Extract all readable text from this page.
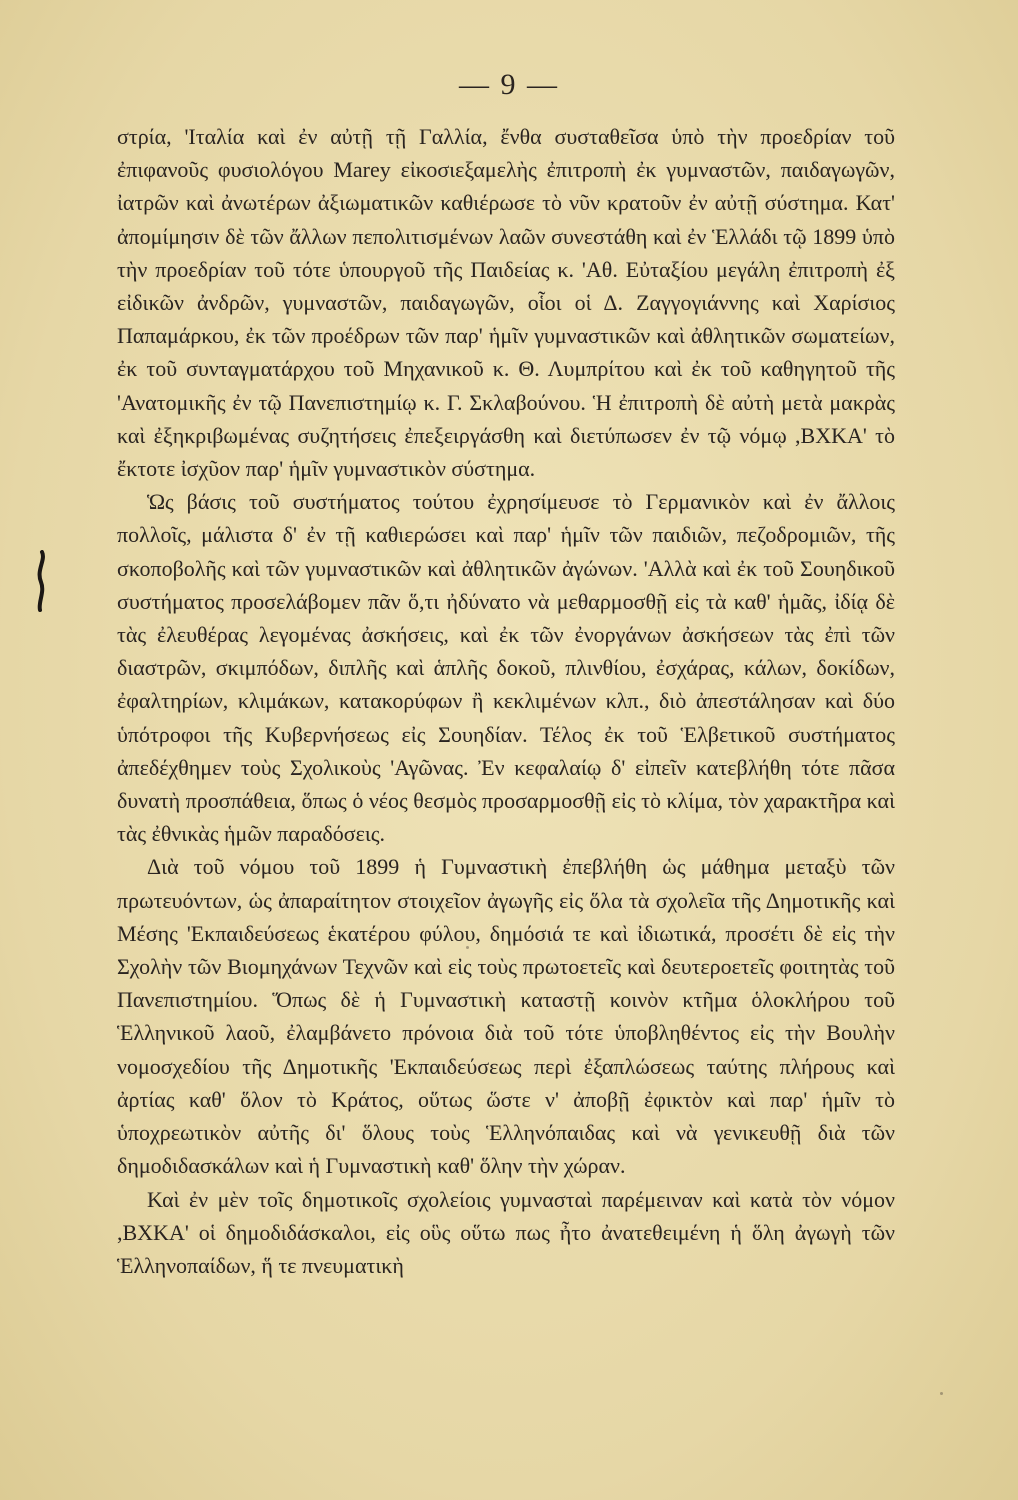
— 9 —

στρία, 'Ιταλία καὶ ἐν αὐτῇ τῇ Γαλλία, ἔνθα συσταθεῖσα ὑπὸ τὴν προεδρίαν τοῦ ἐπιφανοῦς φυσιολόγου Marey εἰκοσιεξαμελὴς ἐπιτροπὴ ἐκ γυμναστῶν, παιδαγωγῶν, ἰατρῶν καὶ ἀνωτέρων ἀξιωματικῶν καθιέρωσε τὸ νῦν κρατοῦν ἐν αὐτῇ σύστημα. Κατ' ἀπομίμησιν δὲ τῶν ἄλλων πεπολιτισμένων λαῶν συνεστάθη καὶ ἐν Ἑλλάδι τῷ 1899 ὑπὸ τὴν προεδρίαν τοῦ τότε ὑπουργοῦ τῆς Παιδείας κ. 'Αθ. Εὐταξίου μεγάλη ἐπιτροπὴ ἐξ εἰδικῶν ἀνδρῶν, γυμναστῶν, παιδαγωγῶν, οἷοι οἱ Δ. Ζαγγογιάννης καὶ Χαρίσιος Παπαμάρκου, ἐκ τῶν προέδρων τῶν παρ' ἡμῖν γυμναστικῶν καὶ ἀθλητικῶν σωματείων, ἐκ τοῦ συνταγματάρχου τοῦ Μηχανικοῦ κ. Θ. Λυμπρίτου καὶ ἐκ τοῦ καθηγητοῦ τῆς 'Ανατομικῆς ἐν τῷ Πανεπιστημίῳ κ. Γ. Σκλαβούνου. Ἡ ἐπιτροπὴ δὲ αὐτὴ μετὰ μακρὰς καὶ ἐξηκριβωμένας συζητήσεις ἐπεξειργάσθη καὶ διετύπωσεν ἐν τῷ νόμῳ ,ΒΧΚΑ' τὸ ἔκτοτε ἰσχῦον παρ' ἡμῖν γυμναστικὸν σύστημα.

Ὡς βάσις τοῦ συστήματος τούτου ἐχρησίμευσε τὸ Γερμανικὸν καὶ ἐν ἄλλοις πολλοῖς, μάλιστα δ' ἐν τῇ καθιερώσει καὶ παρ' ἡμῖν τῶν παιδιῶν, πεζοδρομιῶν, τῆς σκοποβολῆς καὶ τῶν γυμναστικῶν καὶ ἀθλητικῶν ἀγώνων. 'Αλλὰ καὶ ἐκ τοῦ Σουηδικοῦ συστήματος προσελάβομεν πᾶν ὅ,τι ἠδύνατο νὰ μεθαρμοσθῇ εἰς τὰ καθ' ἡμᾶς, ἰδίᾳ δὲ τὰς ἐλευθέρας λεγομένας ἀσκήσεις, καὶ ἐκ τῶν ἐνοργάνων ἀσκήσεων τὰς ἐπὶ τῶν διαστρῶν, σκιμπόδων, διπλῆς καὶ ἁπλῆς δοκοῦ, πλινθίου, ἐσχάρας, κάλων, δοκίδων, ἐφαλτηρίων, κλιμάκων, κατακορύφων ἢ κεκλιμένων κλπ., διὸ ἀπεστάλησαν καὶ δύο ὑπότροφοι τῆς Κυβερνήσεως εἰς Σουηδίαν. Τέλος ἐκ τοῦ Ἑλβετικοῦ συστήματος ἀπεδέχθημεν τοὺς Σχολικοὺς 'Αγῶνας. Ἐν κεφαλαίῳ δ' εἰπεῖν κατεβλήθη τότε πᾶσα δυνατὴ προσπάθεια, ὅπως ὁ νέος θεσμὸς προσαρμοσθῇ εἰς τὸ κλίμα, τὸν χαρακτῆρα καὶ τὰς ἐθνικὰς ἡμῶν παραδόσεις.

Διὰ τοῦ νόμου τοῦ 1899 ἡ Γυμναστικὴ ἐπεβλήθη ὡς μάθημα μεταξὺ τῶν πρωτευόντων, ὡς ἀπαραίτητον στοιχεῖον ἀγωγῆς εἰς ὅλα τὰ σχολεῖα τῆς Δημοτικῆς καὶ Μέσης 'Εκπαιδεύσεως ἑκατέρου φύλου, δημόσιά τε καὶ ἰδιωτικά, προσέτι δὲ εἰς τὴν Σχολὴν τῶν Βιομηχάνων Τεχνῶν καὶ εἰς τοὺς πρωτοετεῖς καὶ δευτεροετεῖς φοιτητὰς τοῦ Πανεπιστημίου. Ὅπως δὲ ἡ Γυμναστικὴ καταστῇ κοινὸν κτῆμα ὁλοκλήρου τοῦ Ἑλληνικοῦ λαοῦ, ἐλαμβάνετο πρόνοια διὰ τοῦ τότε ὑποβληθέντος εἰς τὴν Βουλὴν νομοσχεδίου τῆς Δημοτικῆς 'Εκπαιδεύσεως περὶ ἐξαπλώσεως ταύτης πλήρους καὶ ἀρτίας καθ' ὅλον τὸ Κράτος, οὕτως ὥστε ν' ἀποβῇ ἐφικτὸν καὶ παρ' ἡμῖν τὸ ὑποχρεωτικὸν αὐτῆς δι' ὅλους τοὺς Ἑλληνόπαιδας καὶ νὰ γενικευθῇ διὰ τῶν δημοδιδασκάλων καὶ ἡ Γυμναστικὴ καθ' ὅλην τὴν χώραν.

Καὶ ἐν μὲν τοῖς δημοτικοῖς σχολείοις γυμνασταὶ παρέμειναν καὶ κατὰ τὸν νόμον ,ΒΧΚΑ' οἱ δημοδιδάσκαλοι, εἰς οὓς οὕτω πως ἦτο ἀνατεθειμένη ἡ ὅλη ἀγωγὴ τῶν Ἑλληνοπαίδων, ἥ τε πνευματικὴ
